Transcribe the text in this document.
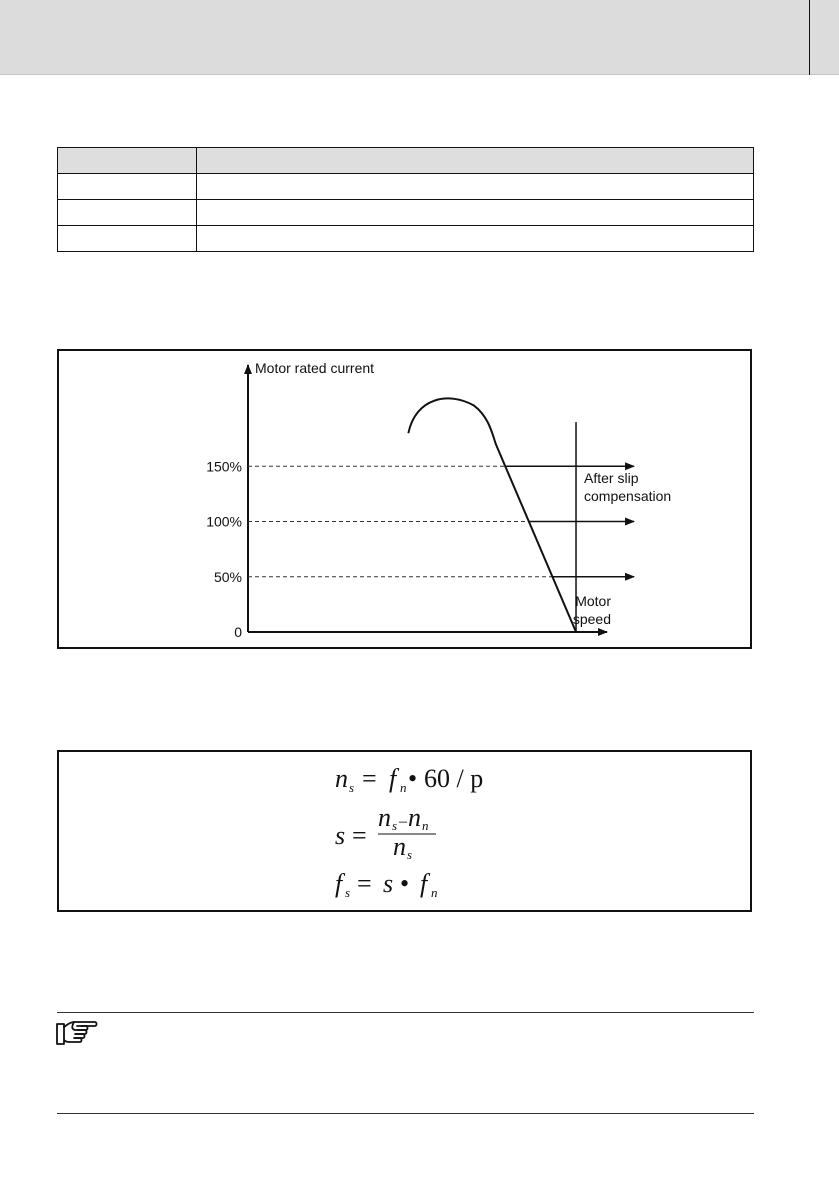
Motor rated current
Motor
speed
150%
100%
50%
0
After slip
compensation
n s = f n • 60 / p
s =
n s – n n
n s
f s = s • f n
